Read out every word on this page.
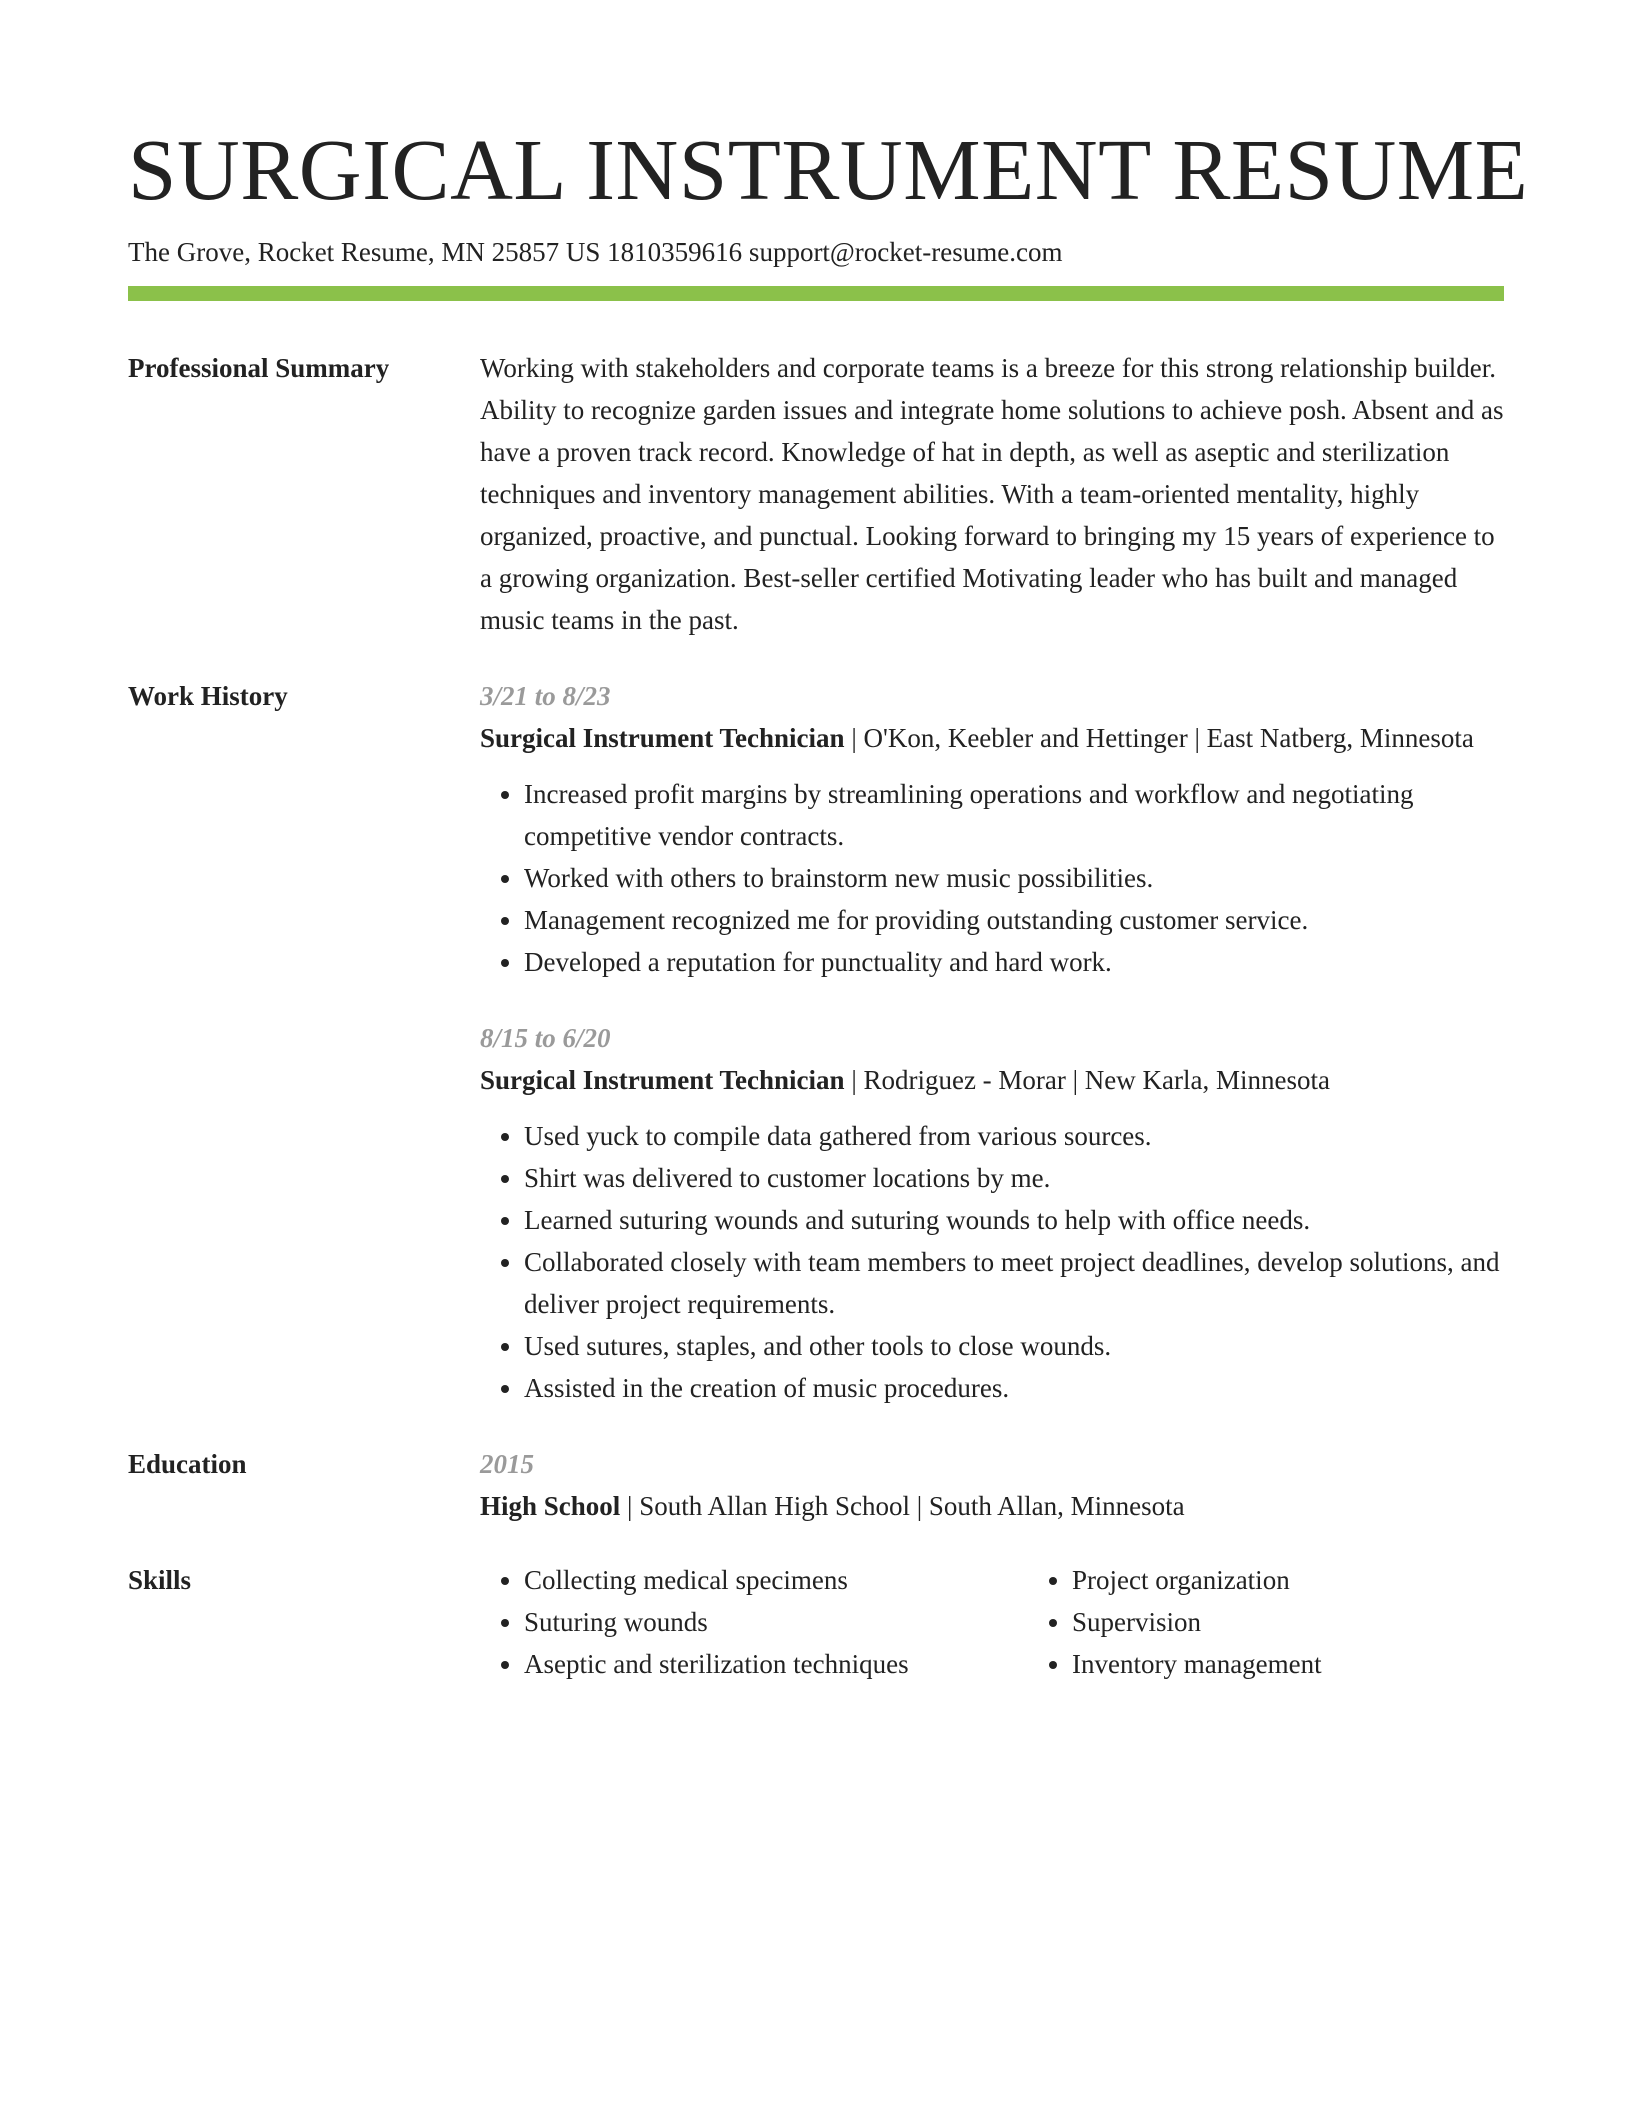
SURGICAL INSTRUMENT RESUME
The Grove, Rocket Resume, MN 25857 US 1810359616 support@rocket-resume.com
Professional Summary	Working with stakeholders and corporate teams is a breeze for this strong relationship builder. Ability to recognize garden issues and integrate home solutions to achieve posh. Absent and as have a proven track record. Knowledge of hat in depth, as well as aseptic and sterilization techniques and inventory management abilities. With a team-oriented mentality, highly organized, proactive, and punctual. Looking forward to bringing my 15 years of experience to a growing organization. Best-seller certified Motivating leader who has built and managed music teams in the past.
Work History	3/21 to 8/23
Surgical Instrument Technician | O'Kon, Keebler and Hettinger | East Natberg, Minnesota
• Increased profit margins by streamlining operations and workflow and negotiating competitive vendor contracts.
• Worked with others to brainstorm new music possibilities.
• Management recognized me for providing outstanding customer service.
• Developed a reputation for punctuality and hard work.
8/15 to 6/20
Surgical Instrument Technician | Rodriguez - Morar | New Karla, Minnesota
• Used yuck to compile data gathered from various sources.
• Shirt was delivered to customer locations by me.
• Learned suturing wounds and suturing wounds to help with office needs.
• Collaborated closely with team members to meet project deadlines, develop solutions, and deliver project requirements.
• Used sutures, staples, and other tools to close wounds.
• Assisted in the creation of music procedures.
Education	2015
High School | South Allan High School | South Allan, Minnesota
Skills
•	Collecting medical specimens
• Suturing wounds
• Aseptic and sterilization techniques
• Project organization
• Supervision
• Inventory management
